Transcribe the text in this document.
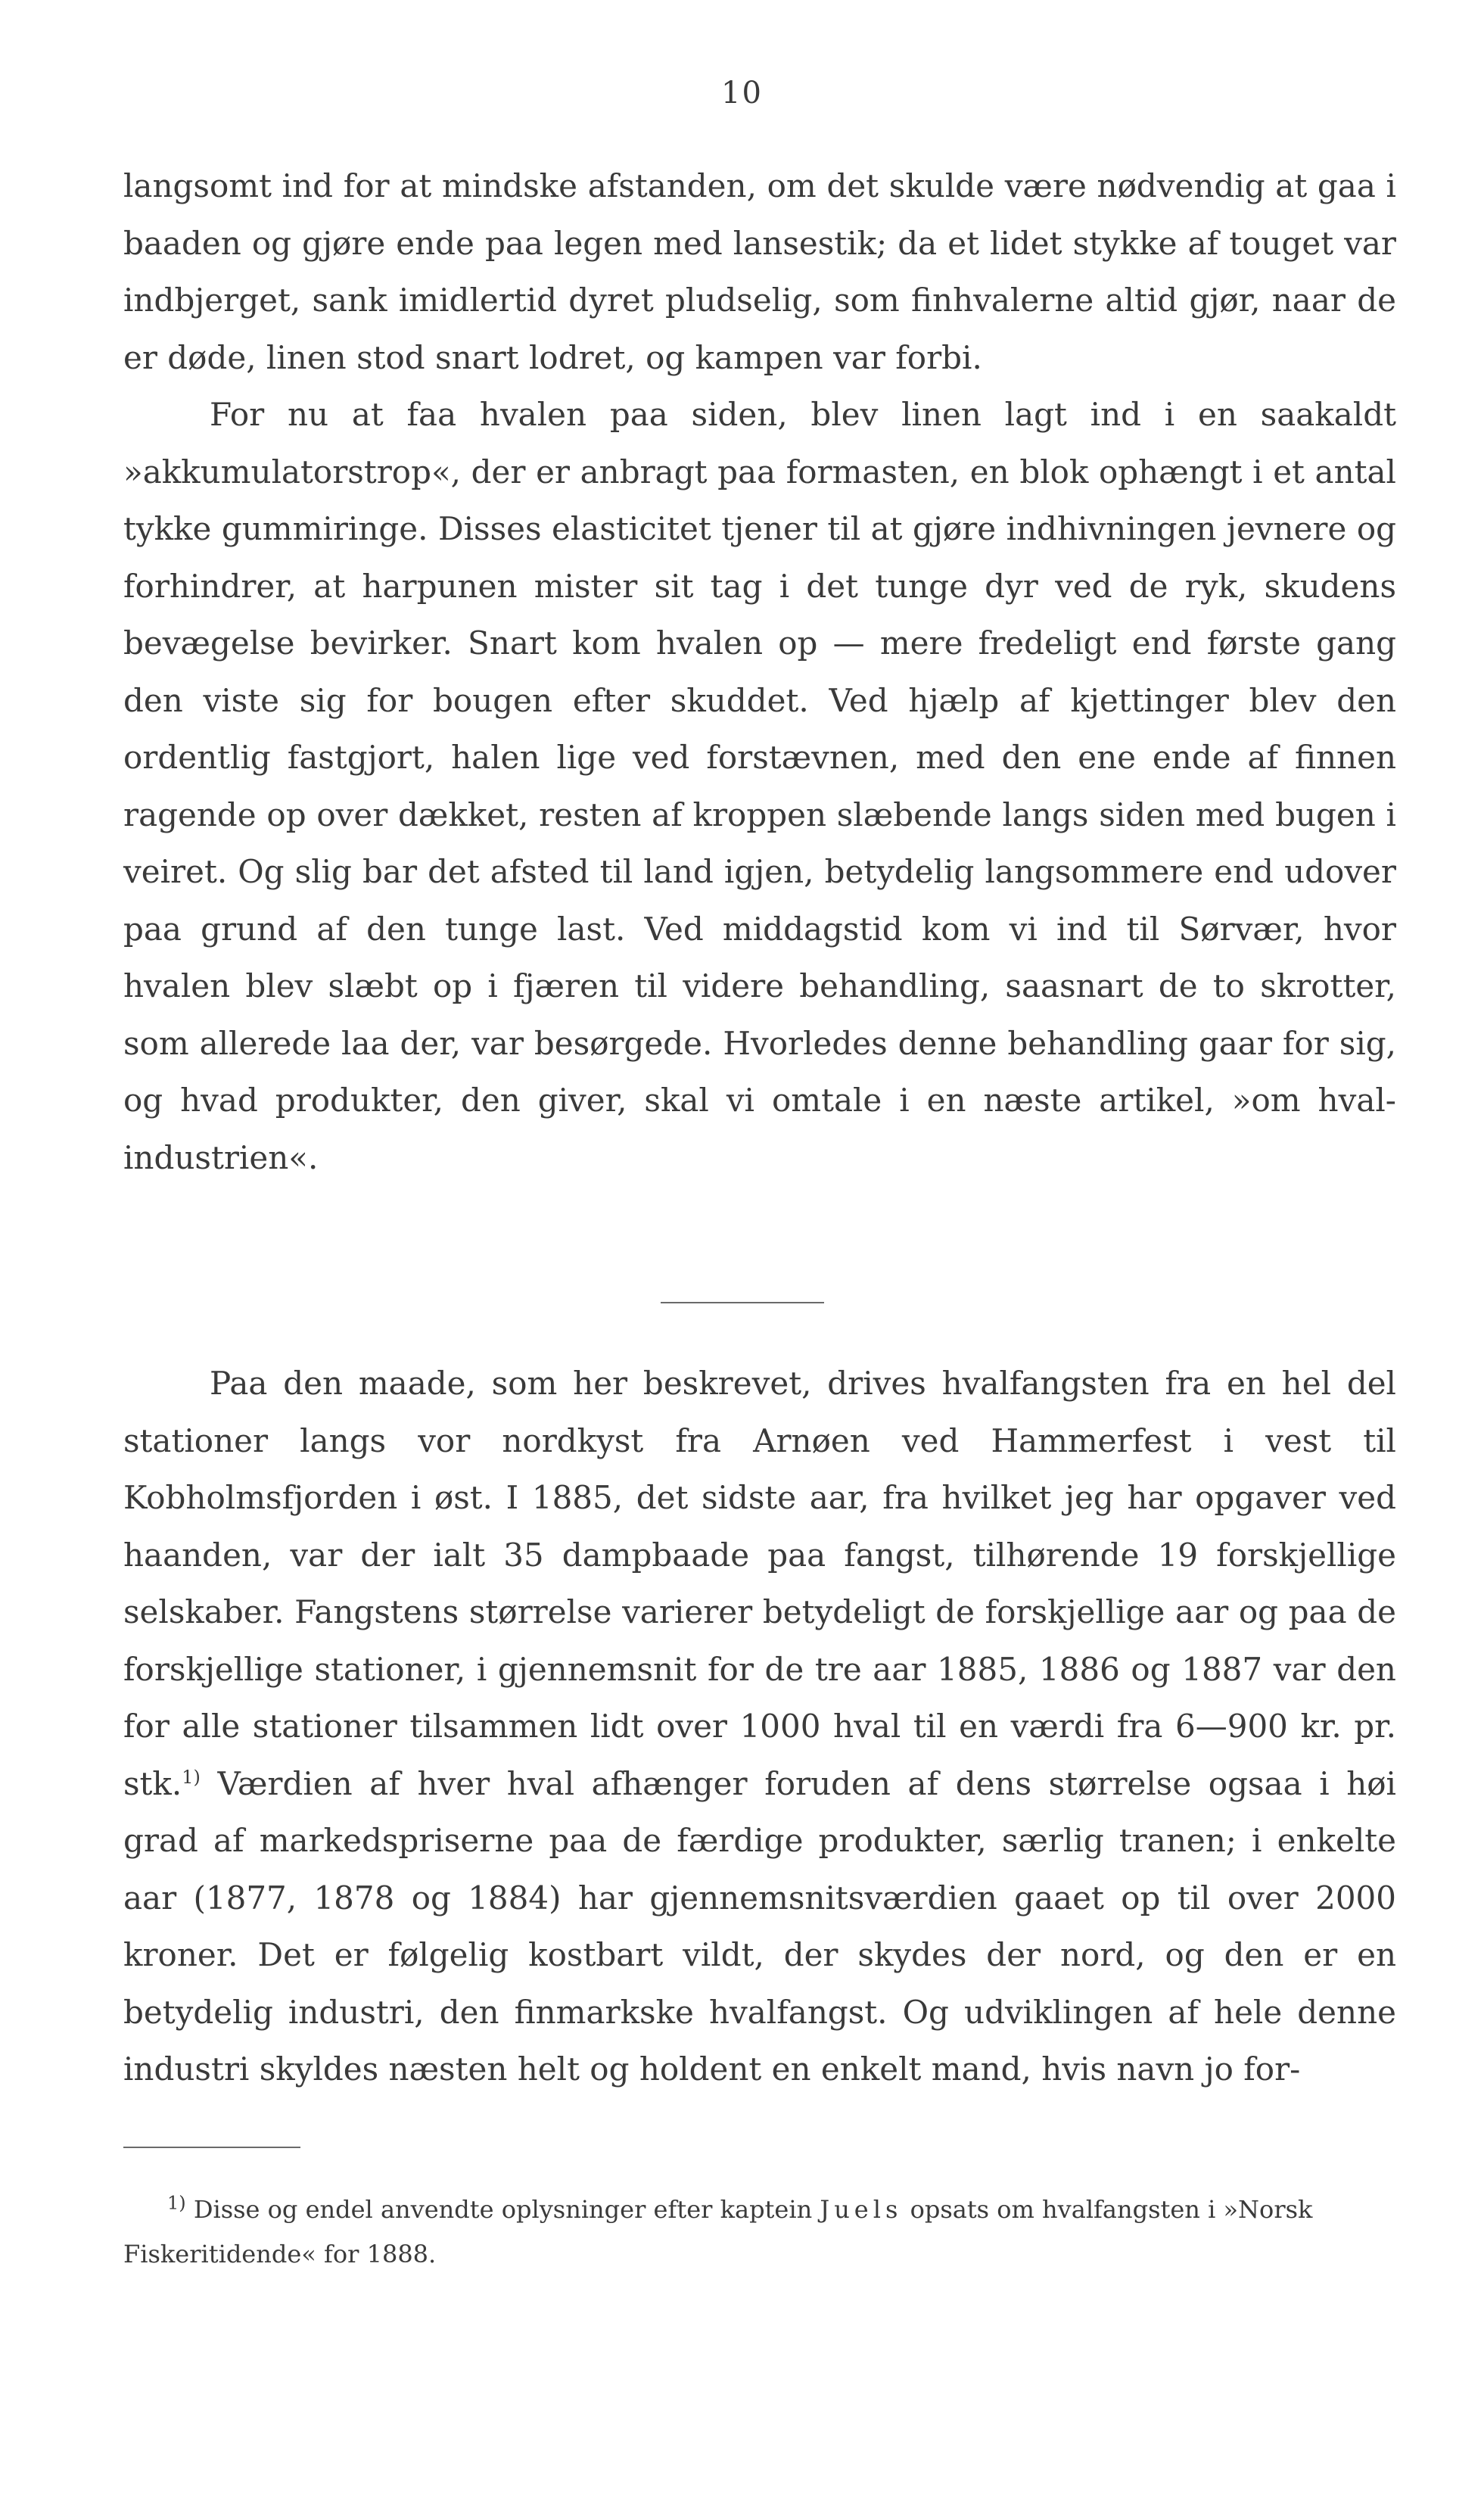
10

langsomt ind for at mindske afstanden, om det skulde være nødvendig at gaa i baaden og gjøre ende paa legen med lansestik; da et lidet stykke af touget var indbjerget, sank imidlertid dyret pludselig, som finhvalerne altid gjør, naar de er døde, linen stod snart lodret, og kampen var forbi.

For nu at faa hvalen paa siden, blev linen lagt ind i en saakaldt »akkumulatorstrop«, der er anbragt paa formasten, en blok ophængt i et antal tykke gummiringe. Disses elasticitet tjener til at gjøre indhivningen jevnere og forhindrer, at harpunen mister sit tag i det tunge dyr ved de ryk, skudens bevægelse bevirker. Snart kom hvalen op — mere fredeligt end første gang den viste sig for bougen efter skuddet. Ved hjælp af kjettinger blev den ordentlig fastgjort, halen lige ved forstævnen, med den ene ende af finnen ragende op over dækket, resten af kroppen slæbende langs siden med bugen i veiret. Og slig bar det afsted til land igjen, betydelig langsommere end udover paa grund af den tunge last. Ved middagstid kom vi ind til Sørvær, hvor hvalen blev slæbt op i fjæren til videre behandling, saasnart de to skrotter, som allerede laa der, var besørgede. Hvorledes denne behandling gaar for sig, og hvad produkter, den giver, skal vi omtale i en næste artikel, »om hvalindustrien«.

Paa den maade, som her beskrevet, drives hvalfangsten fra en hel del stationer langs vor nordkyst fra Arnøen ved Hammerfest i vest til Kobholmsfjorden i øst. I 1885, det sidste aar, fra hvilket jeg har opgaver ved haanden, var der ialt 35 dampbaade paa fangst, tilhørende 19 forskjellige selskaber. Fangstens størrelse varierer betydeligt de forskjellige aar og paa de forskjellige stationer, i gjennemsnit for de tre aar 1885, 1886 og 1887 var den for alle stationer tilsammen lidt over 1000 hval til en værdi fra 6—900 kr. pr. stk.$^{1)}$ Værdien af hver hval afhænger foruden af dens størrelse ogsaa i høi grad af markedspriserne paa de færdige produkter, særlig tranen; i enkelte aar (1877, 1878 og 1884) har gjennemsnitsværdien gaaet op til over 2000 kroner. Det er følgelig kostbart vildt, der skydes der nord, og den er en betydelig industri, den finmarkske hvalfangst. Og udviklingen af hele denne industri skyldes næsten helt og holdent en enkelt mand, hvis navn jo for-

$^{1)}$ Disse og endel anvendte oplysninger efter kaptein Juels opsats om hvalfangsten i »Norsk Fiskeritidende« for 1888.
